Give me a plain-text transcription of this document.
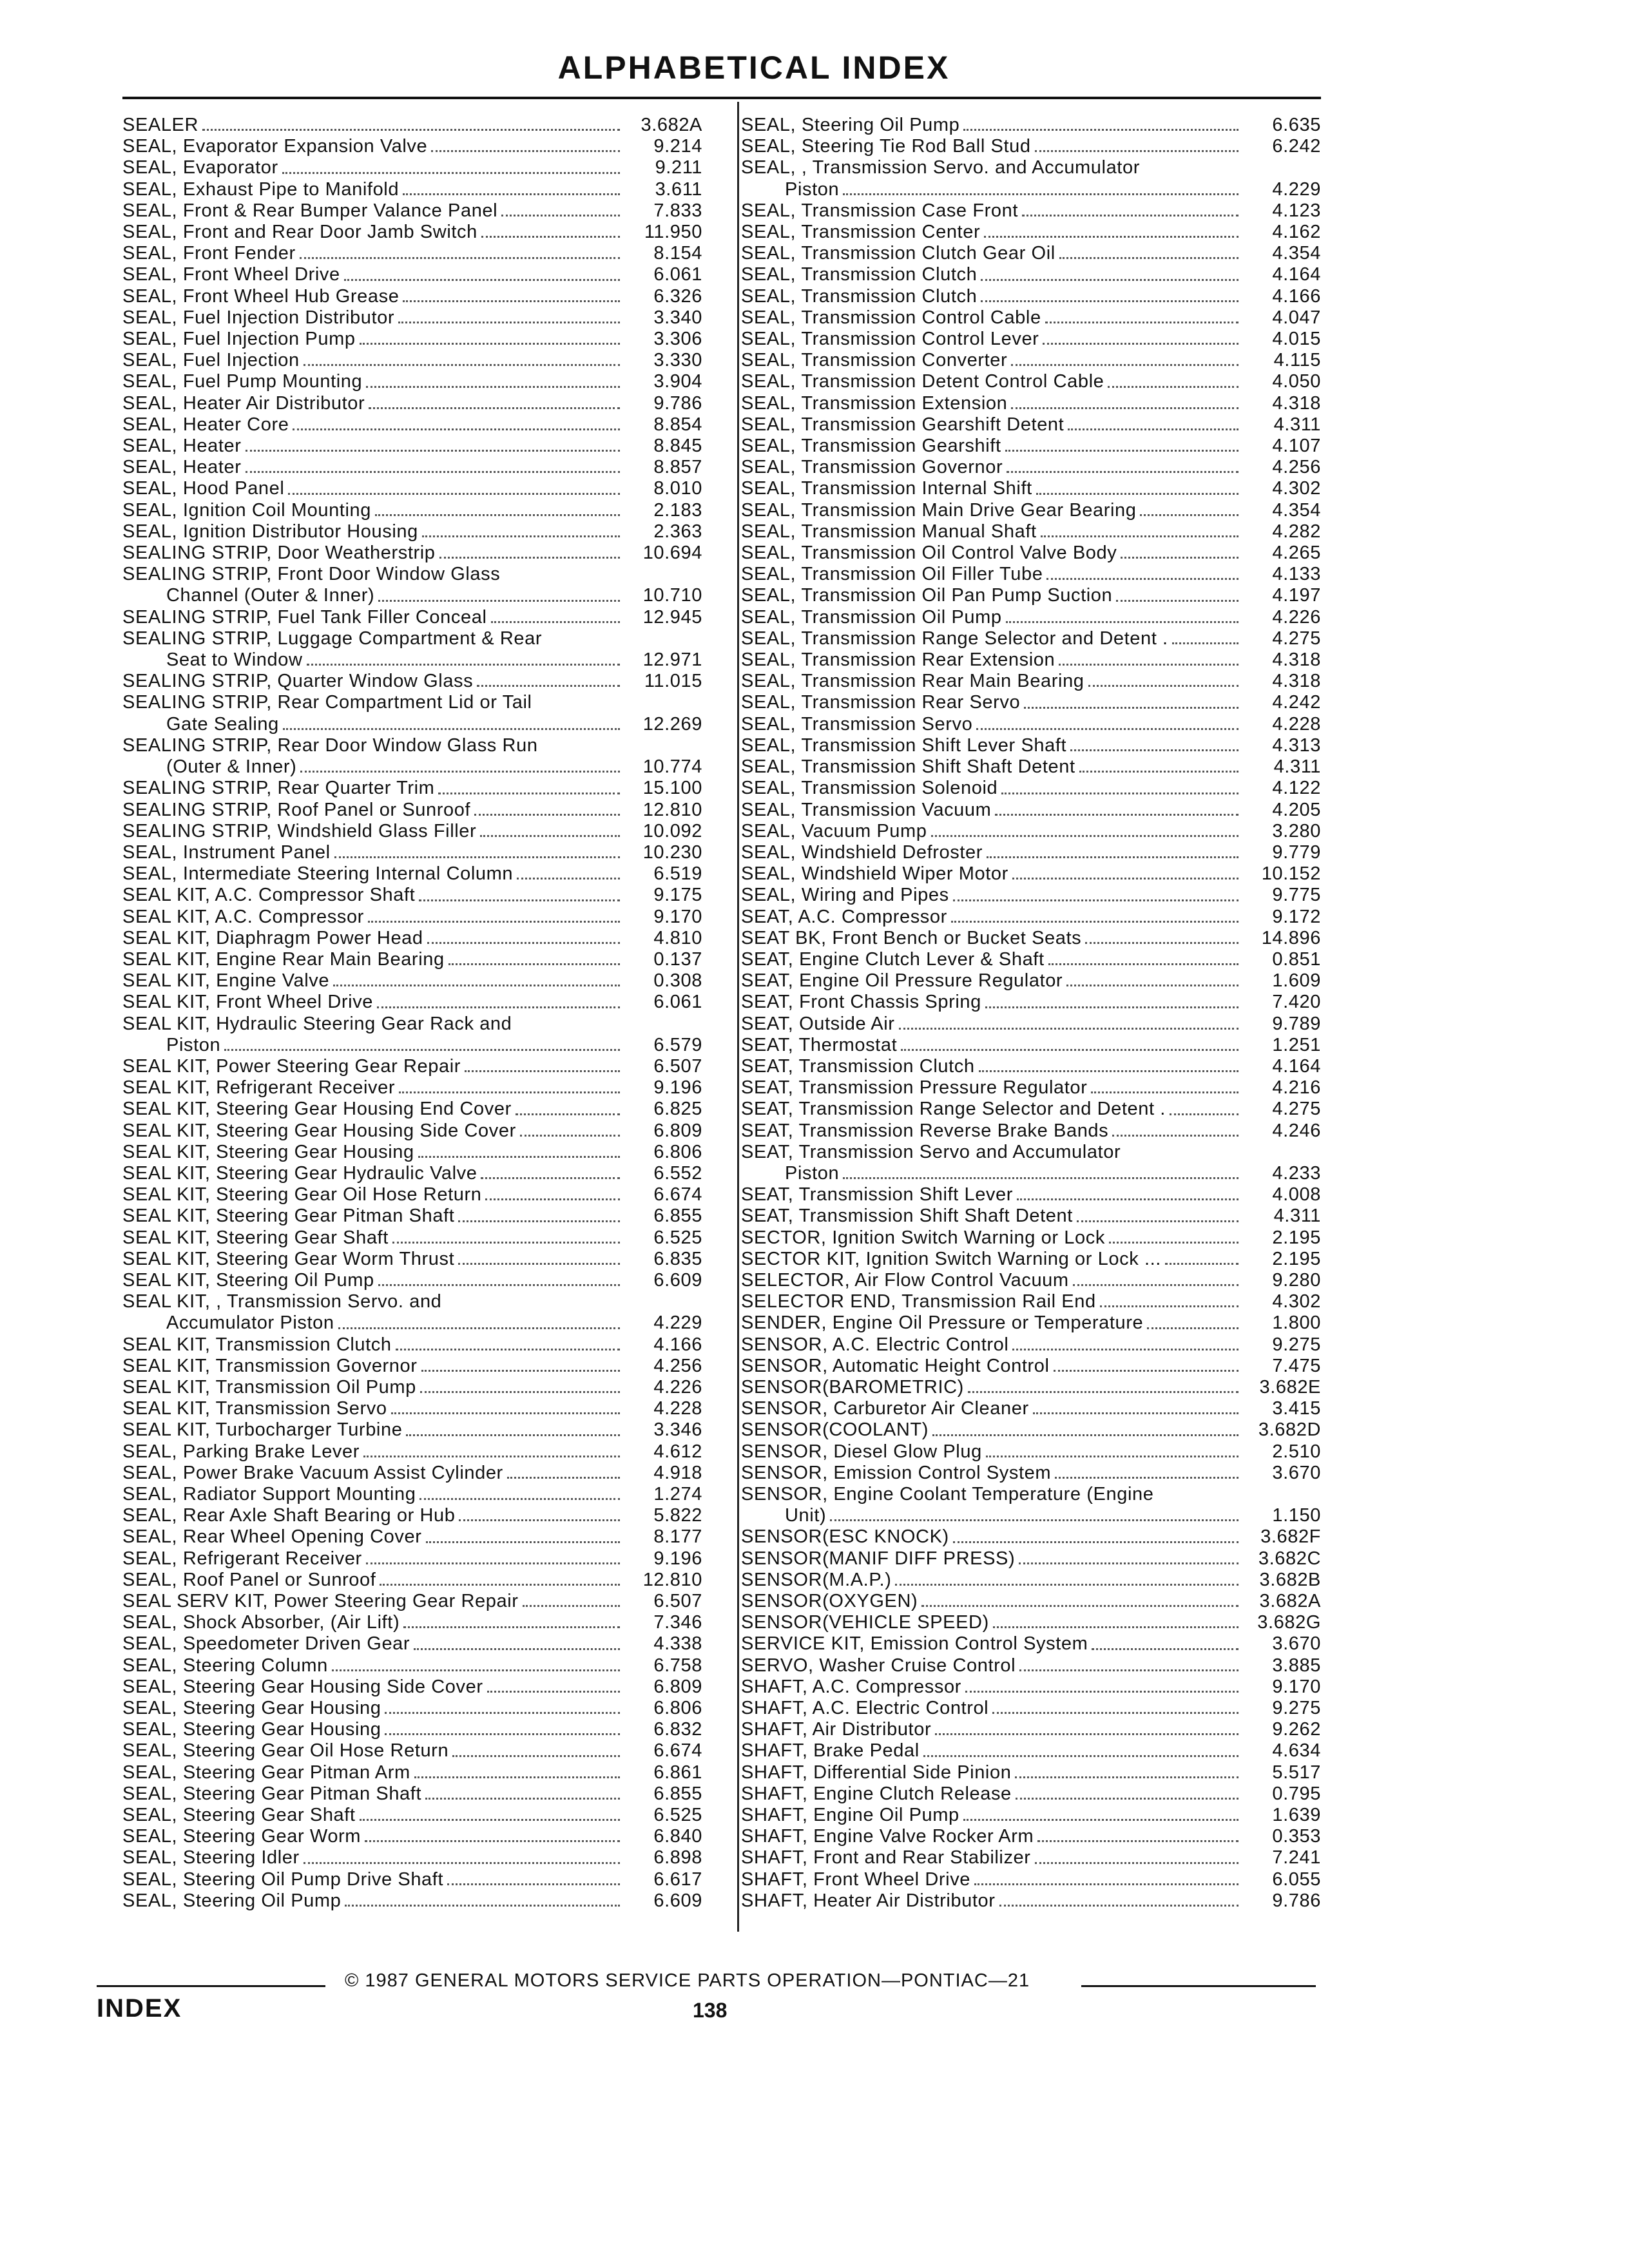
ALPHABETICAL INDEX
SEALER	3.682A
SEAL, Evaporator Expansion Valve	9.214
SEAL, Evaporator	9.211
SEAL, Exhaust Pipe to Manifold	3.611
SEAL, Front & Rear Bumper Valance Panel	7.833
SEAL, Front and Rear Door Jamb Switch	11.950
SEAL, Front Fender	8.154
SEAL, Front Wheel Drive	6.061
SEAL, Front Wheel Hub Grease	6.326
SEAL, Fuel Injection Distributor	3.340
SEAL, Fuel Injection Pump	3.306
SEAL, Fuel Injection	3.330
SEAL, Fuel Pump Mounting	3.904
SEAL, Heater Air Distributor	9.786
SEAL, Heater Core	8.854
SEAL, Heater	8.845
SEAL, Heater	8.857
SEAL, Hood Panel	8.010
SEAL, Ignition Coil Mounting	2.183
SEAL, Ignition Distributor Housing	2.363
SEALING STRIP, Door Weatherstrip	10.694
SEALING STRIP, Front Door Window Glass
Channel (Outer & Inner)	10.710
SEALING STRIP, Fuel Tank Filler Conceal	12.945
SEALING STRIP, Luggage Compartment & Rear
Seat to Window	12.971
SEALING STRIP, Quarter Window Glass	11.015
SEALING STRIP, Rear Compartment Lid or Tail
Gate Sealing	12.269
SEALING STRIP, Rear Door Window Glass Run
(Outer & Inner)	10.774
SEALING STRIP, Rear Quarter Trim	15.100
SEALING STRIP, Roof Panel or Sunroof	12.810
SEALING STRIP, Windshield Glass Filler	10.092
SEAL, Instrument Panel	10.230
SEAL, Intermediate Steering Internal Column	6.519
SEAL KIT, A.C. Compressor Shaft	9.175
SEAL KIT, A.C. Compressor	9.170
SEAL KIT, Diaphragm Power Head	4.810
SEAL KIT, Engine Rear Main Bearing	0.137
SEAL KIT, Engine Valve	0.308
SEAL KIT, Front Wheel Drive	6.061
SEAL KIT, Hydraulic Steering Gear Rack and
Piston	6.579
SEAL KIT, Power Steering Gear Repair	6.507
SEAL KIT, Refrigerant Receiver	9.196
SEAL KIT, Steering Gear Housing End Cover	6.825
SEAL KIT, Steering Gear Housing Side Cover	6.809
SEAL KIT, Steering Gear Housing	6.806
SEAL KIT, Steering Gear Hydraulic Valve	6.552
SEAL KIT, Steering Gear Oil Hose Return	6.674
SEAL KIT, Steering Gear Pitman Shaft	6.855
SEAL KIT, Steering Gear Shaft	6.525
SEAL KIT, Steering Gear Worm Thrust	6.835
SEAL KIT, Steering Oil Pump	6.609
SEAL KIT, , Transmission Servo. and
Accumulator Piston	4.229
SEAL KIT, Transmission Clutch	4.166
SEAL KIT, Transmission Governor	4.256
SEAL KIT, Transmission Oil Pump	4.226
SEAL KIT, Transmission Servo	4.228
SEAL KIT, Turbocharger Turbine	3.346
SEAL, Parking Brake Lever	4.612
SEAL, Power Brake Vacuum Assist Cylinder	4.918
SEAL, Radiator Support Mounting	1.274
SEAL, Rear Axle Shaft Bearing or Hub	5.822
SEAL, Rear Wheel Opening Cover	8.177
SEAL, Refrigerant Receiver	9.196
SEAL, Roof Panel or Sunroof	12.810
SEAL SERV KIT, Power Steering Gear Repair	6.507
SEAL, Shock Absorber, (Air Lift)	7.346
SEAL, Speedometer Driven Gear	4.338
SEAL, Steering Column	6.758
SEAL, Steering Gear Housing Side Cover	6.809
SEAL, Steering Gear Housing	6.806
SEAL, Steering Gear Housing	6.832
SEAL, Steering Gear Oil Hose Return	6.674
SEAL, Steering Gear Pitman Arm	6.861
SEAL, Steering Gear Pitman Shaft	6.855
SEAL, Steering Gear Shaft	6.525
SEAL, Steering Gear Worm	6.840
SEAL, Steering Idler	6.898
SEAL, Steering Oil Pump Drive Shaft	6.617
SEAL, Steering Oil Pump	6.609
SEAL, Steering Oil Pump	6.635
SEAL, Steering Tie Rod Ball Stud	6.242
SEAL, , Transmission Servo. and Accumulator
Piston	4.229
SEAL, Transmission Case Front	4.123
SEAL, Transmission Center	4.162
SEAL, Transmission Clutch Gear Oil	4.354
SEAL, Transmission Clutch	4.164
SEAL, Transmission Clutch	4.166
SEAL, Transmission Control Cable	4.047
SEAL, Transmission Control Lever	4.015
SEAL, Transmission Converter	4.115
SEAL, Transmission Detent Control Cable	4.050
SEAL, Transmission Extension	4.318
SEAL, Transmission Gearshift Detent	4.311
SEAL, Transmission Gearshift	4.107
SEAL, Transmission Governor	4.256
SEAL, Transmission Internal Shift	4.302
SEAL, Transmission Main Drive Gear Bearing	4.354
SEAL, Transmission Manual Shaft	4.282
SEAL, Transmission Oil Control Valve Body	4.265
SEAL, Transmission Oil Filler Tube	4.133
SEAL, Transmission Oil Pan Pump Suction	4.197
SEAL, Transmission Oil Pump	4.226
SEAL, Transmission Range Selector and Detent .	4.275
SEAL, Transmission Rear Extension	4.318
SEAL, Transmission Rear Main Bearing	4.318
SEAL, Transmission Rear Servo	4.242
SEAL, Transmission Servo	4.228
SEAL, Transmission Shift Lever Shaft	4.313
SEAL, Transmission Shift Shaft Detent	4.311
SEAL, Transmission Solenoid	4.122
SEAL, Transmission Vacuum	4.205
SEAL, Vacuum Pump	3.280
SEAL, Windshield Defroster	9.779
SEAL, Windshield Wiper Motor	10.152
SEAL, Wiring and Pipes	9.775
SEAT, A.C. Compressor	9.172
SEAT BK, Front Bench or Bucket Seats	14.896
SEAT, Engine Clutch Lever & Shaft	0.851
SEAT, Engine Oil Pressure Regulator	1.609
SEAT, Front Chassis Spring	7.420
SEAT, Outside Air	9.789
SEAT, Thermostat	1.251
SEAT, Transmission Clutch	4.164
SEAT, Transmission Pressure Regulator	4.216
SEAT, Transmission Range Selector and Detent .	4.275
SEAT, Transmission Reverse Brake Bands	4.246
SEAT, Transmission Servo and Accumulator
Piston	4.233
SEAT, Transmission Shift Lever	4.008
SEAT, Transmission Shift Shaft Detent	4.311
SECTOR, Ignition Switch Warning or Lock	2.195
SECTOR KIT, Ignition Switch Warning or Lock ...	2.195
SELECTOR, Air Flow Control Vacuum	9.280
SELECTOR END, Transmission Rail End	4.302
SENDER, Engine Oil Pressure or Temperature	1.800
SENSOR, A.C. Electric Control	9.275
SENSOR, Automatic Height Control	7.475
SENSOR(BAROMETRIC)	3.682E
SENSOR, Carburetor Air Cleaner	3.415
SENSOR(COOLANT)	3.682D
SENSOR, Diesel Glow Plug	2.510
SENSOR, Emission Control System	3.670
SENSOR, Engine Coolant Temperature (Engine
Unit)	1.150
SENSOR(ESC KNOCK)	3.682F
SENSOR(MANIF DIFF PRESS)	3.682C
SENSOR(M.A.P.)	3.682B
SENSOR(OXYGEN)	3.682A
SENSOR(VEHICLE SPEED)	3.682G
SERVICE KIT, Emission Control System	3.670
SERVO, Washer Cruise Control	3.885
SHAFT, A.C. Compressor	9.170
SHAFT, A.C. Electric Control	9.275
SHAFT, Air Distributor	9.262
SHAFT, Brake Pedal	4.634
SHAFT, Differential Side Pinion	5.517
SHAFT, Engine Clutch Release	0.795
SHAFT, Engine Oil Pump	1.639
SHAFT, Engine Valve Rocker Arm	0.353
SHAFT, Front and Rear Stabilizer	7.241
SHAFT, Front Wheel Drive	6.055
SHAFT, Heater Air Distributor	9.786
© 1987 GENERAL MOTORS SERVICE PARTS OPERATION—PONTIAC—21
INDEX	138
